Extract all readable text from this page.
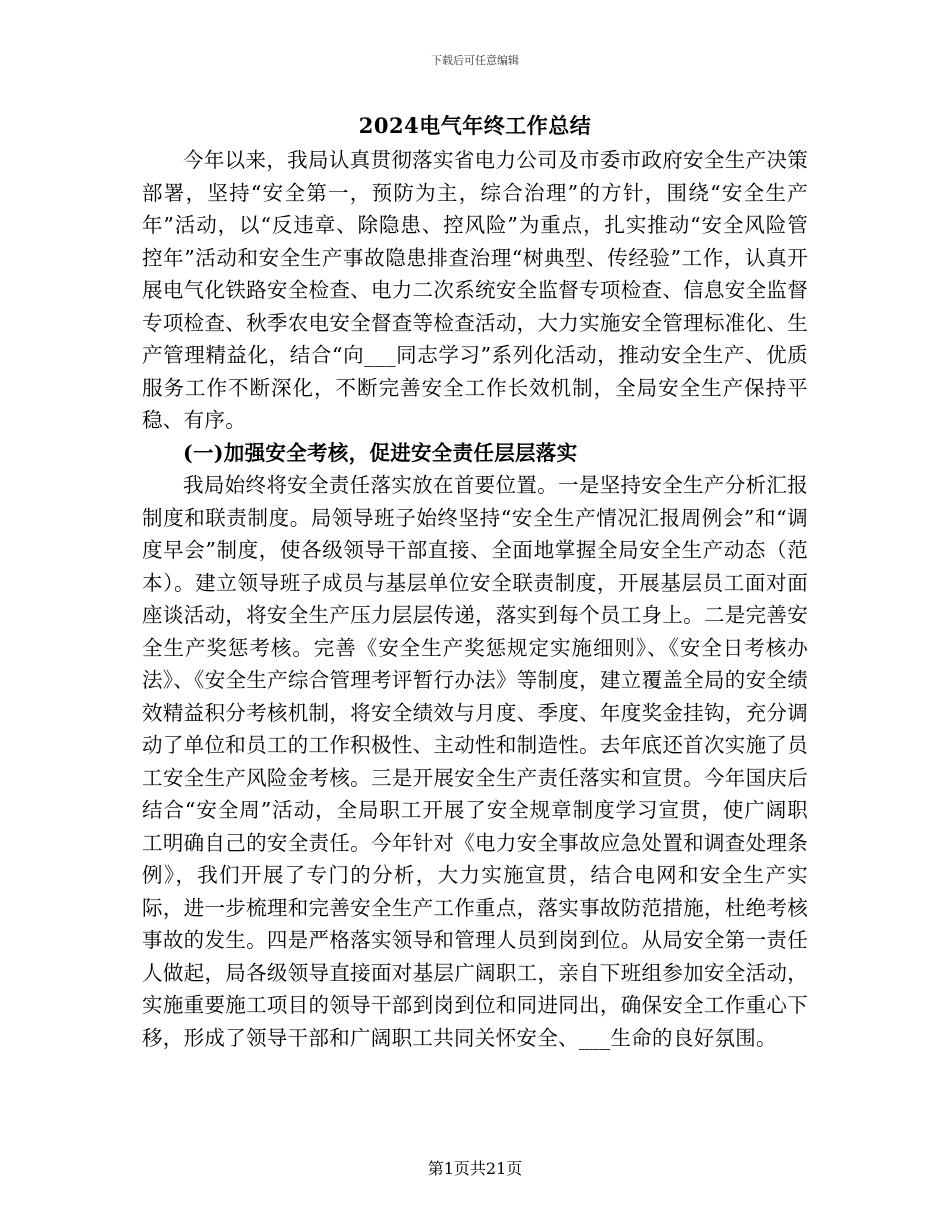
下载后可任意编辑
2024电气年终工作总结

今年以来，我局认真贯彻落实省电力公司及市委市政府安全生产决策部署，坚持“安全第一，预防为主，综合治理”的方针，围绕“安全生产年”活动，以“反违章、除隐患、控风险”为重点，扎实推动“安全风险管控年”活动和安全生产事故隐患排查治理“树典型、传经验”工作，认真开展电气化铁路安全检查、电力二次系统安全监督专项检查、信息安全监督专项检查、秋季农电安全督查等检查活动，大力实施安全管理标准化、生产管理精益化，结合“向___同志学习”系列化活动，推动安全生产、优质服务工作不断深化，不断完善安全工作长效机制，全局安全生产保持平稳、有序。

(一)加强安全考核，促进安全责任层层落实

我局始终将安全责任落实放在首要位置。一是坚持安全生产分析汇报制度和联责制度。局领导班子始终坚持“安全生产情况汇报周例会”和“调度早会”制度，使各级领导干部直接、全面地掌握全局安全生产动态（范本）。建立领导班子成员与基层单位安全联责制度，开展基层员工面对面座谈活动，将安全生产压力层层传递，落实到每个员工身上。二是完善安全生产奖惩考核。完善《安全生产奖惩规定实施细则》、《安全日考核办法》、《安全生产综合管理考评暂行办法》等制度，建立覆盖全局的安全绩效精益积分考核机制，将安全绩效与月度、季度、年度奖金挂钩，充分调动了单位和员工的工作积极性、主动性和制造性。去年底还首次实施了员工安全生产风险金考核。三是开展安全生产责任落实和宣贯。今年国庆后结合“安全周”活动，全局职工开展了安全规章制度学习宣贯，使广阔职工明确自己的安全责任。今年针对《电力安全事故应急处置和调查处理条例》，我们开展了专门的分析，大力实施宣贯，结合电网和安全生产实际，进一步梳理和完善安全生产工作重点，落实事故防范措施，杜绝考核事故的发生。四是严格落实领导和管理人员到岗到位。从局安全第一责任人做起，局各级领导直接面对基层广阔职工，亲自下班组参加安全活动，实施重要施工项目的领导干部到岗到位和同进同出，确保安全工作重心下移，形成了领导干部和广阔职工共同关怀安全、___生命的良好氛围。

第1页共21页
